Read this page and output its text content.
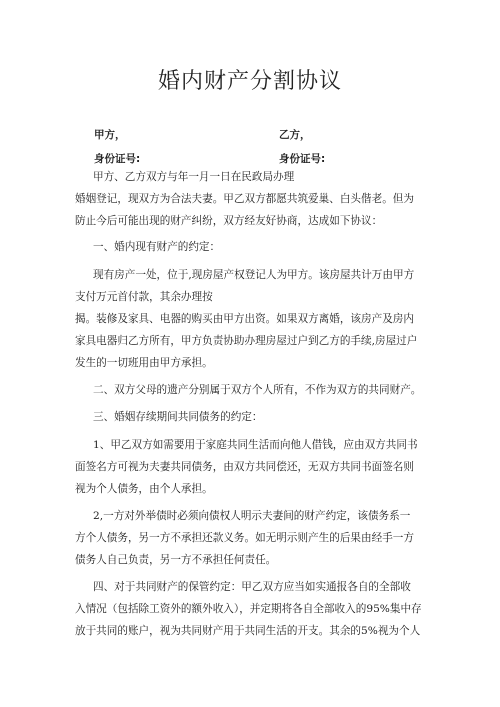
婚内财产分割协议
甲方，	乙方，
身份证号:	身份证号:
甲方、乙方双方与年一月一日在民政局办理
婚姻登记，现双方为合法夫妻。甲乙双方都愿共筑爱巢、白头偕老。但为
防止今后可能出现的财产纠纷，双方经友好协商，达成如下协议：
一、婚内现有财产的约定：
现有房产一处，位于,现房屋产权登记人为甲方。该房屋共计万由甲方
支付万元首付款，其余办理按
揭。装修及家具、电器的购买由甲方出资。如果双方离婚，该房产及房内
家具电器归乙方所有，甲方负责协助办理房屋过户到乙方的手续,房屋过户
发生的一切班用由甲方承担。
二、双方父母的遗产分别属于双方个人所有，不作为双方的共同财产。
三、婚姻存续期间共同债务的约定：
1、甲乙双方如需要用于家庭共同生活而向他人借钱，应由双方共同书
面签名方可视为夫妻共同债务，由双方共同偿还，无双方共同书面签名则
视为个人债务，由个人承担。
2,一方对外举债时必须向债权人明示夫妻间的财产约定，该债务系一
方个人债务，另一方不承担还款义务。如无明示则产生的后果由经手一方
债务人自己负责，另一方不承担任何责任。
四、对于共同财产的保管约定：甲乙双方应当如实通报各自的全部收
入情况（包括除工资外的额外收入），并定期将各自全部收入的95%集中存
放于共同的账户，视为共同财产用于共同生活的开支。其余的5%视为个人
